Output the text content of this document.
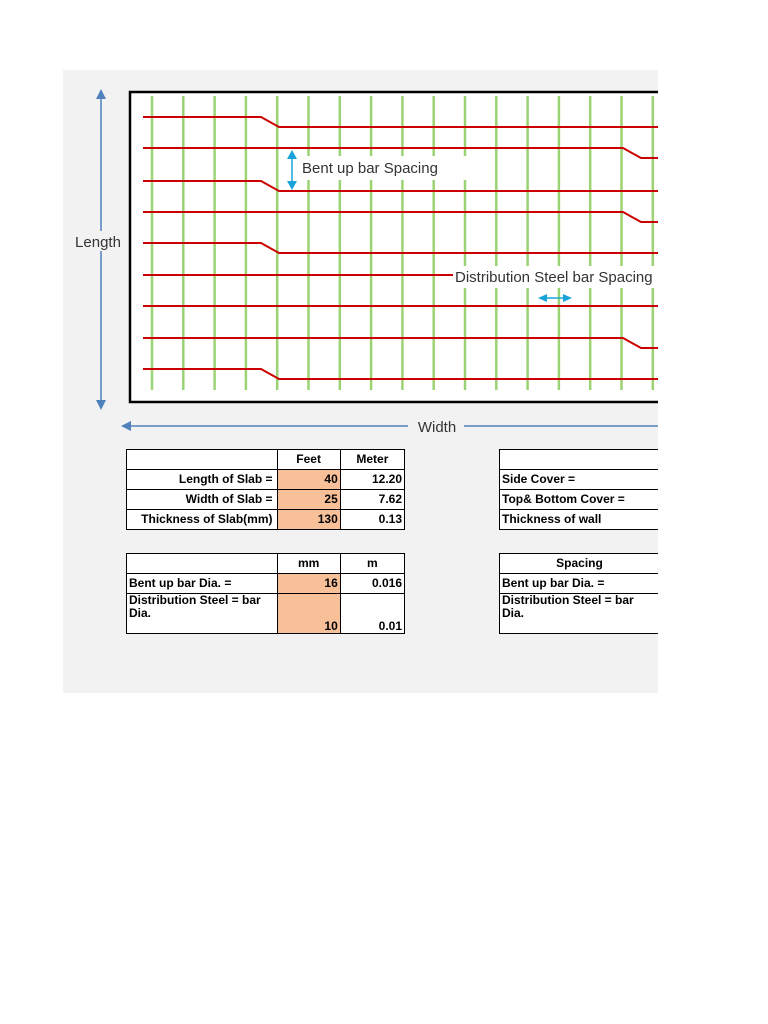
Length
Width
Bent up bar Spacing
Distribution Steel bar Spacing
	Feet	Meter
Length of Slab =	40	12.20
Width of Slab =	25	7.62
Thickness of Slab(mm)	130	0.13
	mm	m
Bent up bar Dia. =	16	0.016
Distribution Steel = bar Dia.	10	0.01

Side Cover =
Top& Bottom Cover =
Thickness of wall
Spacing
Bent up bar Dia. =
Distribution Steel = bar Dia.
